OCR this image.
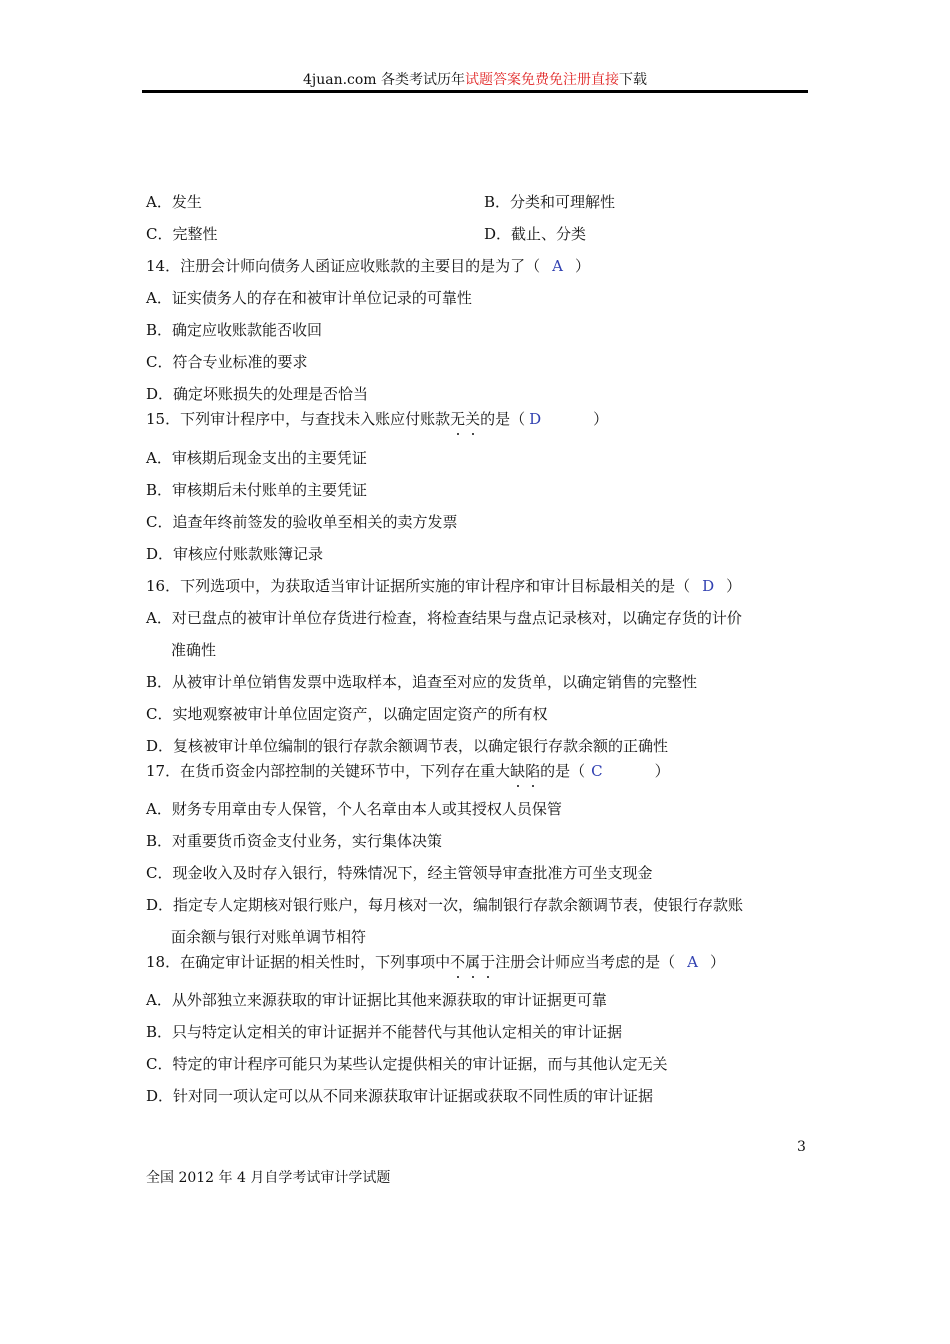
4juan.com 各类考试历年试题答案免费免注册直接下载
A．发生	B．分类和可理解性
C．完整性	D．截止、分类
14．注册会计师向债务人函证应收账款的主要目的是为了（ A ）
A．证实债务人的存在和被审计单位记录的可靠性
B．确定应收账款能否收回
C．符合专业标准的要求
D．确定坏账损失的处理是否恰当
15．下列审计程序中，与查找未入账应付账款无关的是（ D	）
A．审核期后现金支出的主要凭证
B．审核期后未付账单的主要凭证
C．追查年终前签发的验收单至相关的卖方发票
D．审核应付账款账簿记录
16．下列选项中，为获取适当审计证据所实施的审计程序和审计目标最相关的是（ D ）
A．对已盘点的被审计单位存货进行检查，将检查结果与盘点记录核对，以确定存货的计价
准确性
B．从被审计单位销售发票中选取样本，追查至对应的发货单，以确定销售的完整性
C．实地观察被审计单位固定资产，以确定固定资产的所有权
D．复核被审计单位编制的银行存款余额调节表，以确定银行存款余额的正确性
17．在货币资金内部控制的关键环节中，下列存在重大缺陷的是（ C	）
A．财务专用章由专人保管，个人名章由本人或其授权人员保管
B．对重要货币资金支付业务，实行集体决策
C．现金收入及时存入银行，特殊情况下，经主管领导审查批准方可坐支现金
D．指定专人定期核对银行账户，每月核对一次，编制银行存款余额调节表，使银行存款账
面余额与银行对账单调节相符
18．在确定审计证据的相关性时，下列事项中不属于注册会计师应当考虑的是（ A ）
A．从外部独立来源获取的审计证据比其他来源获取的审计证据更可靠
B．只与特定认定相关的审计证据并不能替代与其他认定相关的审计证据
C．特定的审计程序可能只为某些认定提供相关的审计证据，而与其他认定无关
D．针对同一项认定可以从不同来源获取审计证据或获取不同性质的审计证据
3
全国 2012 年 4 月自学考试审计学试题
